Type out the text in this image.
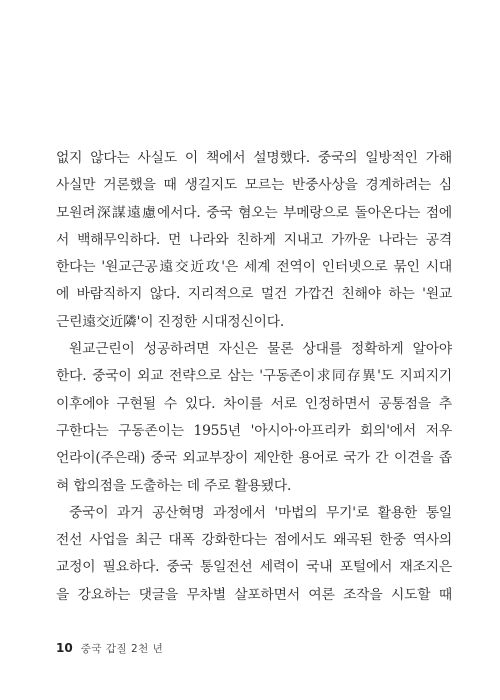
없지 않다는 사실도 이 책에서 설명했다. 중국의 일방적인 가해
사실만 거론했을 때 생길지도 모르는 반중사상을 경계하려는 심
모원려深謀遠慮에서다. 중국 혐오는 부메랑으로 돌아온다는 점에
서 백해무익하다. 먼 나라와 친하게 지내고 가까운 나라는 공격
한다는 '원교근공遠交近攻'은 세계 전역이 인터넷으로 묶인 시대
에 바람직하지 않다. 지리적으로 멀건 가깝건 친해야 하는 '원교
근린遠交近隣'이 진정한 시대정신이다.
원교근린이 성공하려면 자신은 물론 상대를 정확하게 알아야
한다. 중국이 외교 전략으로 삼는 '구동존이求同存異'도 지피지기
이후에야 구현될 수 있다. 차이를 서로 인정하면서 공통점을 추
구한다는 구동존이는 1955년 '아시아·아프리카 회의'에서 저우
언라이(주은래) 중국 외교부장이 제안한 용어로 국가 간 이견을 좁
혀 합의점을 도출하는 데 주로 활용됐다.
중국이 과거 공산혁명 과정에서 '마법의 무기'로 활용한 통일
전선 사업을 최근 대폭 강화한다는 점에서도 왜곡된 한중 역사의
교정이 필요하다. 중국 통일전선 세력이 국내 포털에서 재조지은
을 강요하는 댓글을 무차별 살포하면서 여론 조작을 시도할 때
10 중국 갑질 2천 년
